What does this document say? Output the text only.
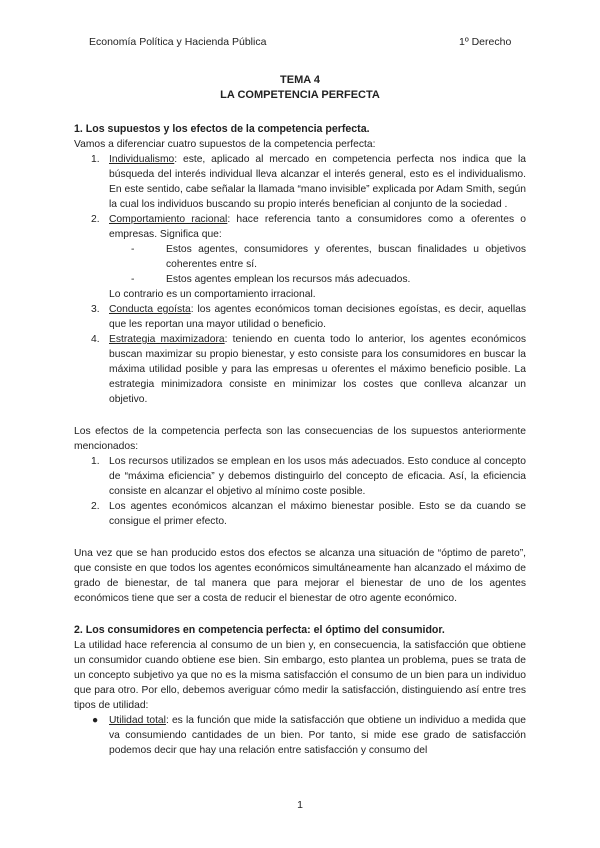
Economía Política y Hacienda Pública	1º Derecho
TEMA 4
LA COMPETENCIA PERFECTA

1. Los supuestos y los efectos de la competencia perfecta.

Vamos a diferenciar cuatro supuestos de la competencia perfecta:

1. Individualismo: este, aplicado al mercado en competencia perfecta nos indica que la búsqueda del interés individual lleva alcanzar el interés general, esto es el individualismo. En este sentido, cabe señalar la llamada “mano invisible” explicada por Adam Smith, según la cual los individuos buscando su propio interés benefician al conjunto de la sociedad .
2. Comportamiento racional: hace referencia tanto a consumidores como a oferentes o empresas. Significa que:
-	Estos agentes, consumidores y oferentes, buscan finalidades u objetivos coherentes entre sí.
-	Estos agentes emplean los recursos más adecuados.

Lo contrario es un comportamiento irracional.

3. Conducta egoísta: los agentes económicos toman decisiones egoístas, es decir, aquellas que les reportan una mayor utilidad o beneficio.
4. Estrategia maximizadora: teniendo en cuenta todo lo anterior, los agentes económicos buscan maximizar su propio bienestar, y esto consiste para los consumidores en buscar la máxima utilidad posible y para las empresas u oferentes el máximo beneficio posible. La estrategia minimizadora consiste en minimizar los costes que conlleva alcanzar un objetivo.

Los efectos de la competencia perfecta son las consecuencias de los supuestos anteriormente mencionados:

1. Los recursos utilizados se emplean en los usos más adecuados. Esto conduce al concepto de “máxima eficiencia” y debemos distinguirlo del concepto de eficacia. Así, la eficiencia consiste en alcanzar el objetivo al mínimo coste posible.
2. Los agentes económicos alcanzan el máximo bienestar posible. Esto se da cuando se consigue el primer efecto.

Una vez que se han producido estos dos efectos se alcanza una situación de “óptimo de pareto”, que consiste en que todos los agentes económicos simultáneamente han alcanzado el máximo de grado de bienestar, de tal manera que para mejorar el bienestar de uno de los agentes económicos tiene que ser a costa de reducir el bienestar de otro agente económico.

2. Los consumidores en competencia perfecta: el óptimo del consumidor.

La utilidad hace referencia al consumo de un bien y, en consecuencia, la satisfacción que obtiene un consumidor cuando obtiene ese bien. Sin embargo, esto plantea un problema, pues se trata de un concepto subjetivo ya que no es la misma satisfacción el consumo de un bien para un individuo que para otro. Por ello, debemos averiguar cómo medir la satisfacción, distinguiendo así entre tres tipos de utilidad:

● Utilidad total: es la función que mide la satisfacción que obtiene un individuo a medida que va consumiendo cantidades de un bien. Por tanto, si mide ese grado de satisfacción podemos decir que hay una relación entre satisfacción y consumo del
1
